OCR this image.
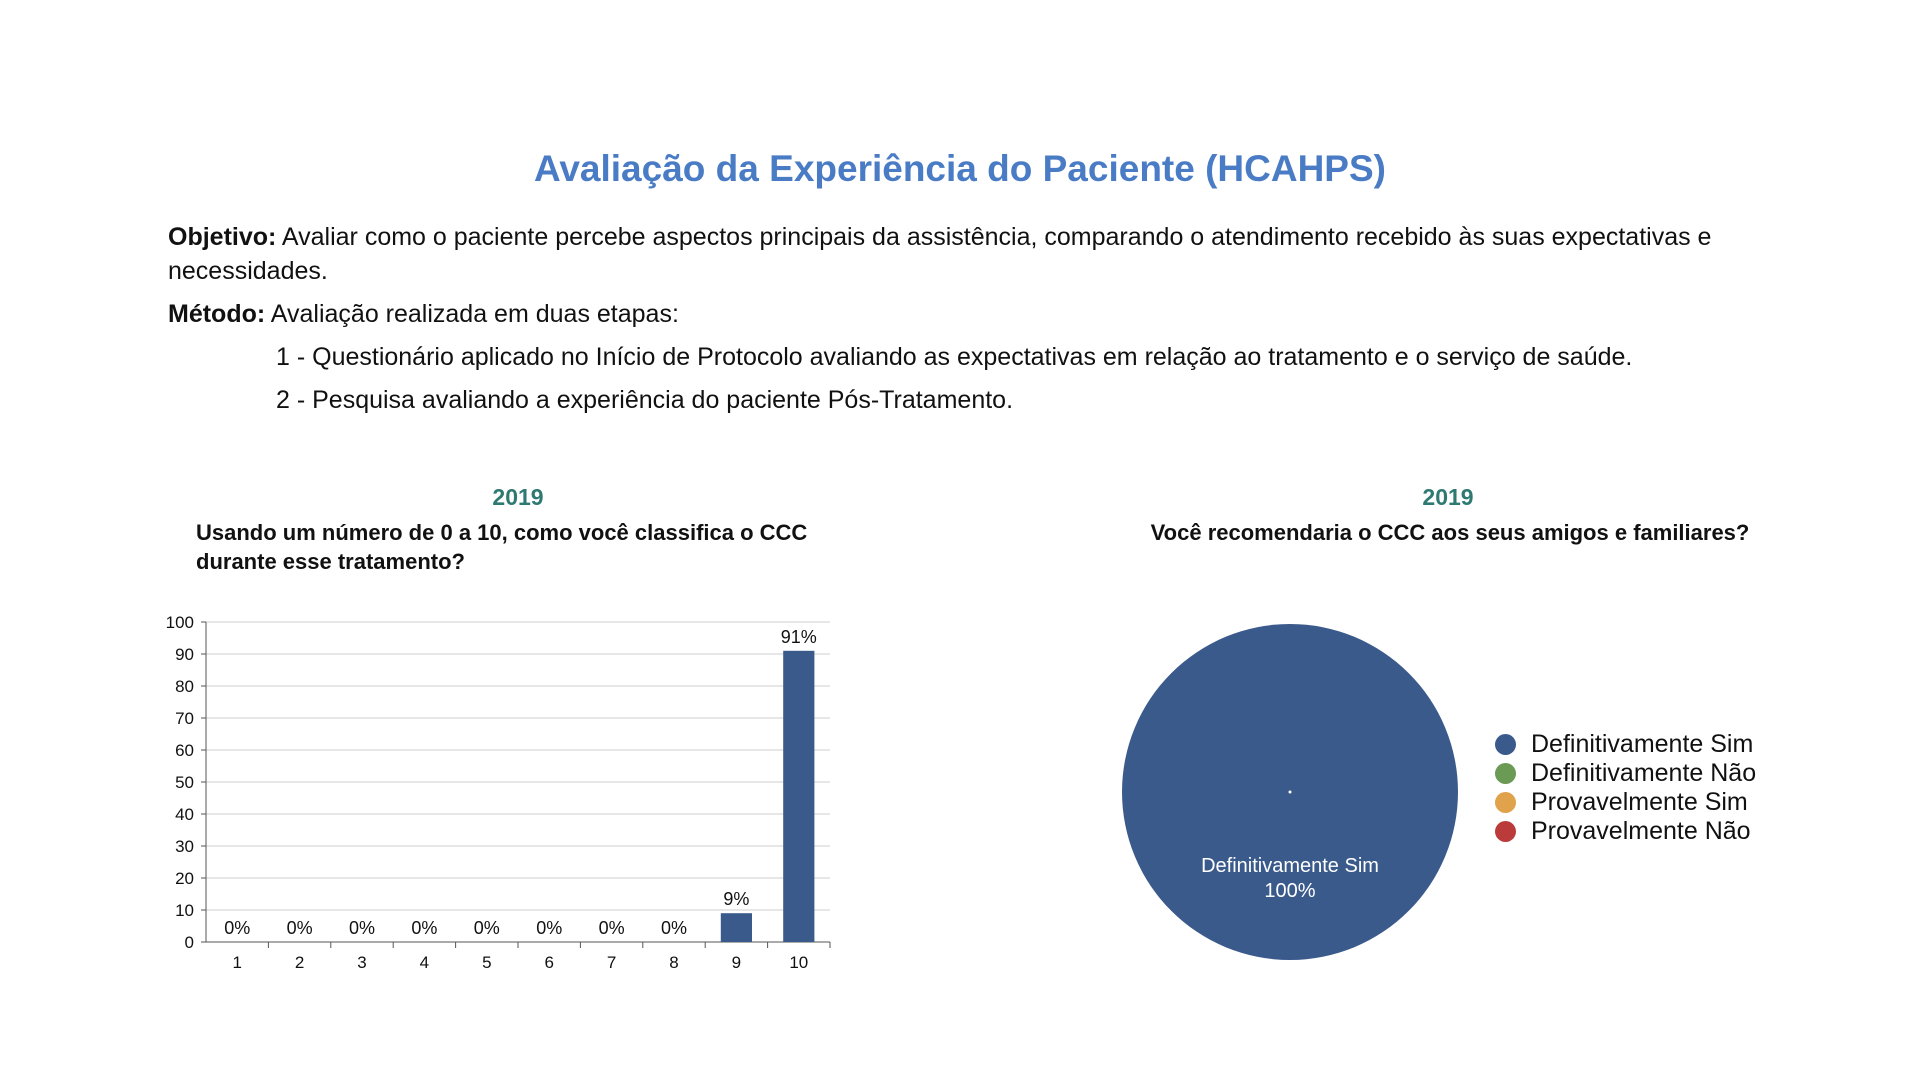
Avaliação da Experiência do Paciente (HCAHPS)
Objetivo: Avaliar como o paciente percebe aspectos principais da assistência, comparando o atendimento recebido às suas expectativas e necessidades.
Método: Avaliação realizada em duas etapas:
1 - Questionário aplicado no Início de Protocolo avaliando as expectativas em relação ao tratamento e o serviço de saúde.
2 - Pesquisa avaliando a experiência do paciente Pós-Tratamento.
2019
Usando um número de 0 a 10, como você classifica o CCC durante esse tratamento?
0
10
20
30
40
50
60
70
80
90
100
1
0%
2
0%
3
0%
4
0%
5
0%
6
0%
7
0%
8
0%
9
9%
10
91%
2019
Você recomendaria o CCC aos seus amigos e familiares?
Definitivamente Sim
100%
Definitivamente Sim
Definitivamente Não
Provavelmente Sim
Provavelmente Não
